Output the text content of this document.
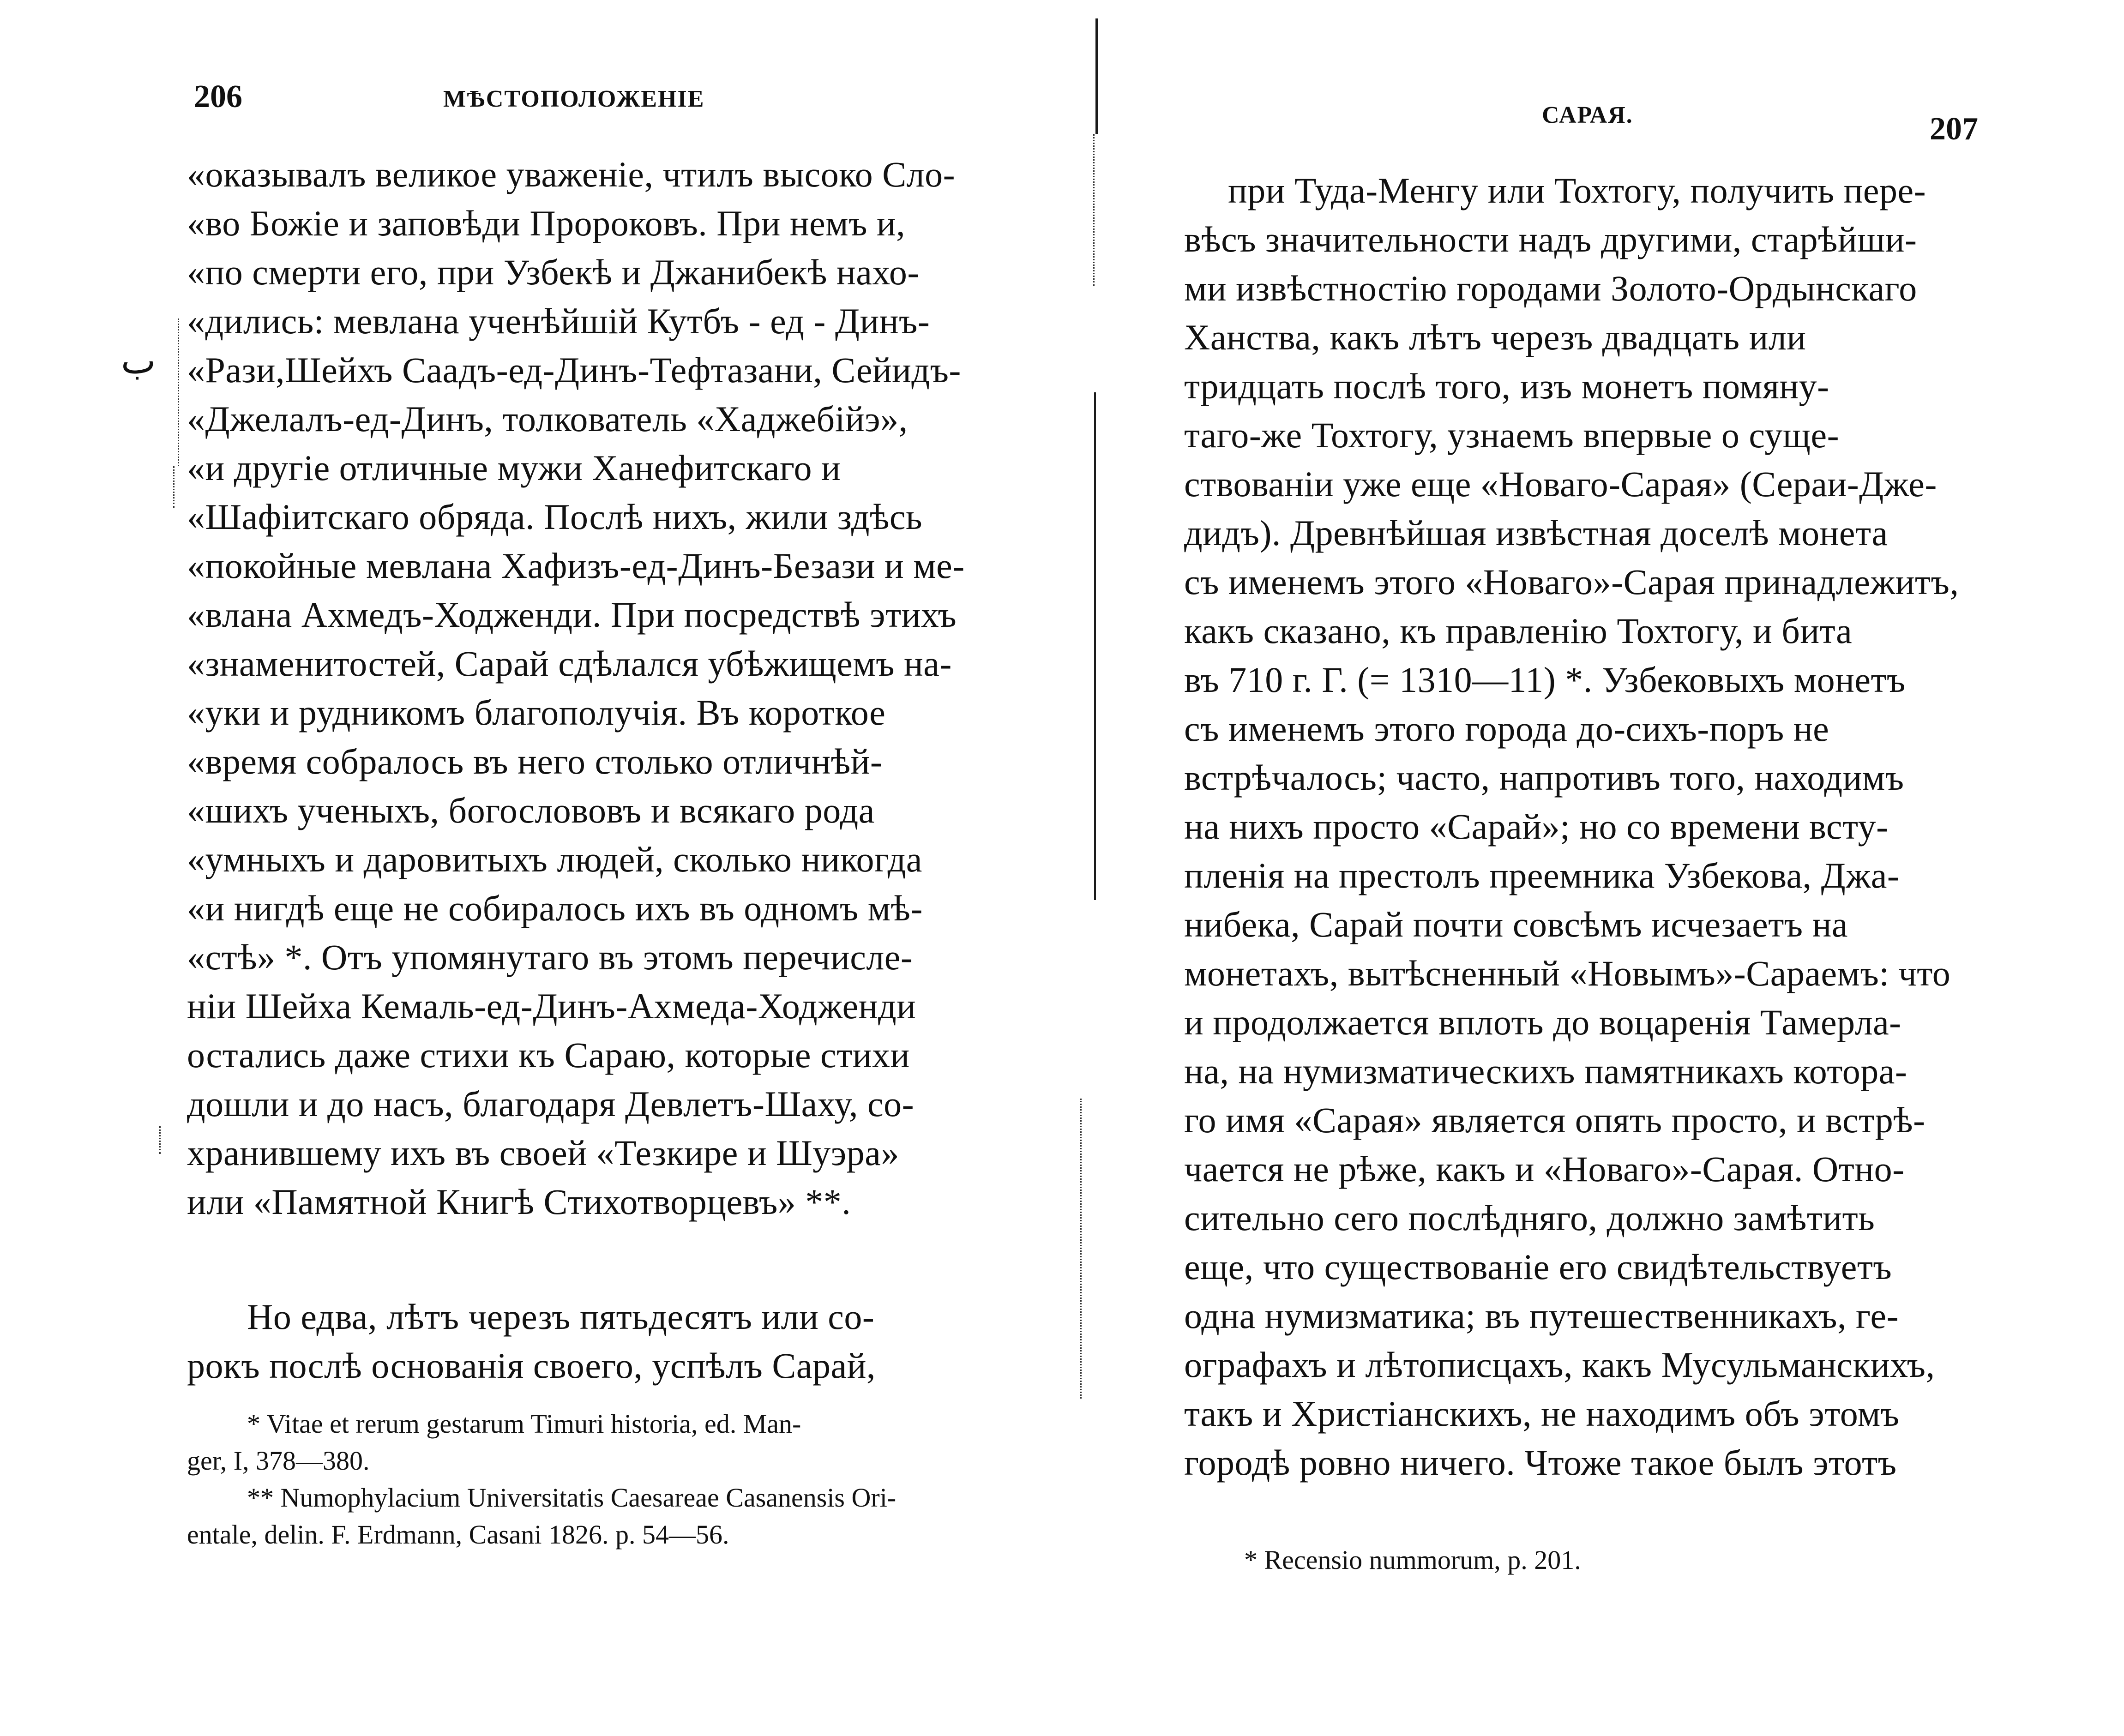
206	МѢСТОПОЛОЖЕНІЕ
«оказывалъ великое уваженіе, чтилъ высоко Сло-
«во Божіе и заповѣди Пророковъ. При немъ и,
«по смерти его, при Узбекѣ и Джанибекѣ нахо-
«дились: мевлана ученѣйшій Кутбъ - ед - Динъ-
«Рази,Шейхъ Саадъ-ед-Динъ-Тефтазани, Сейидъ-
«Джелалъ-ед-Динъ, толкователь «Хаджебійэ»,
«и другіе отличные мужи Ханефитскаго и
«Шафіитскаго обряда. Послѣ нихъ, жили здѣсь
«покойные мевлана Хафизъ-ед-Динъ-Безази и ме-
«влана Ахмедъ-Ходженди. При посредствѣ этихъ
«знаменитостей, Сарай сдѣлался убѣжищемъ на-
«уки и рудникомъ благополучія. Въ короткое
«время собралось въ него столько отличнѣй-
«шихъ ученыхъ, богослововъ и всякаго рода
«умныхъ и даровитыхъ людей, сколько никогда
«и нигдѣ еще не собиралось ихъ въ одномъ мѣ-
«стѣ» *. Отъ упомянутаго въ этомъ перечисле-
ніи Шейха Кемаль-ед-Динъ-Ахмеда-Ходженди
остались даже стихи къ Сараю, которые стихи
дошли и до насъ, благодаря Девлетъ-Шаху, со-
хранившему ихъ въ своей «Тезкире и Шуэра»
или «Памятной Книгѣ Стихотворцевъ» **.
Но едва, лѣтъ черезъ пятьдесятъ или со-
рокъ послѣ основанія своего, успѣлъ Сарай,
* Vitae et rerum gestarum Timuri historia, ed. Man-
ger, I, 378—380.
** Numophylacium Universitatis Caesareae Casanensis Ori-
entale, delin. F. Erdmann, Casani 1826. p. 54—56.
ب
САРАЯ.	207
при Туда-Менгу или Тохтогу, получить пере-
вѣсъ значительности надъ другими, старѣйши-
ми извѣстностію городами Золото-Ордынскаго
Ханства, какъ лѣтъ черезъ двадцать или
тридцать послѣ того, изъ монетъ помяну-
таго-же Тохтогу, узнаемъ впервые о суще-
ствованіи уже еще «Новаго-Сарая» (Сераи-Дже-
дидъ). Древнѣйшая извѣстная доселѣ монета
съ именемъ этого «Новаго»-Сарая принадлежитъ,
какъ сказано, къ правленію Тохтогу, и бита
въ 710 г. Г. (= 1310—11) *. Узбековыхъ монетъ
съ именемъ этого города до-сихъ-поръ не
встрѣчалось; часто, напротивъ того, находимъ
на нихъ просто «Сарай»; но со времени всту-
пленія на престолъ преемника Узбекова, Джа-
нибека, Сарай почти совсѣмъ исчезаетъ на
монетахъ, вытѣсненный «Новымъ»-Сараемъ: что
и продолжается вплоть до воцаренія Тамерла-
на, на нумизматическихъ памятникахъ котора-
го имя «Сарая» является опять просто, и встрѣ-
чается не рѣже, какъ и «Новаго»-Сарая. Отно-
сительно сего послѣдняго, должно замѣтить
еще, что существованіе его свидѣтельствуетъ
одна нумизматика; въ путешественникахъ, ге-
ографахъ и лѣтописцахъ, какъ Мусульманскихъ,
такъ и Христіанскихъ, не находимъ объ этомъ
городѣ ровно ничего. Чтоже такое былъ этотъ
* Recensio nummorum, p. 201.
